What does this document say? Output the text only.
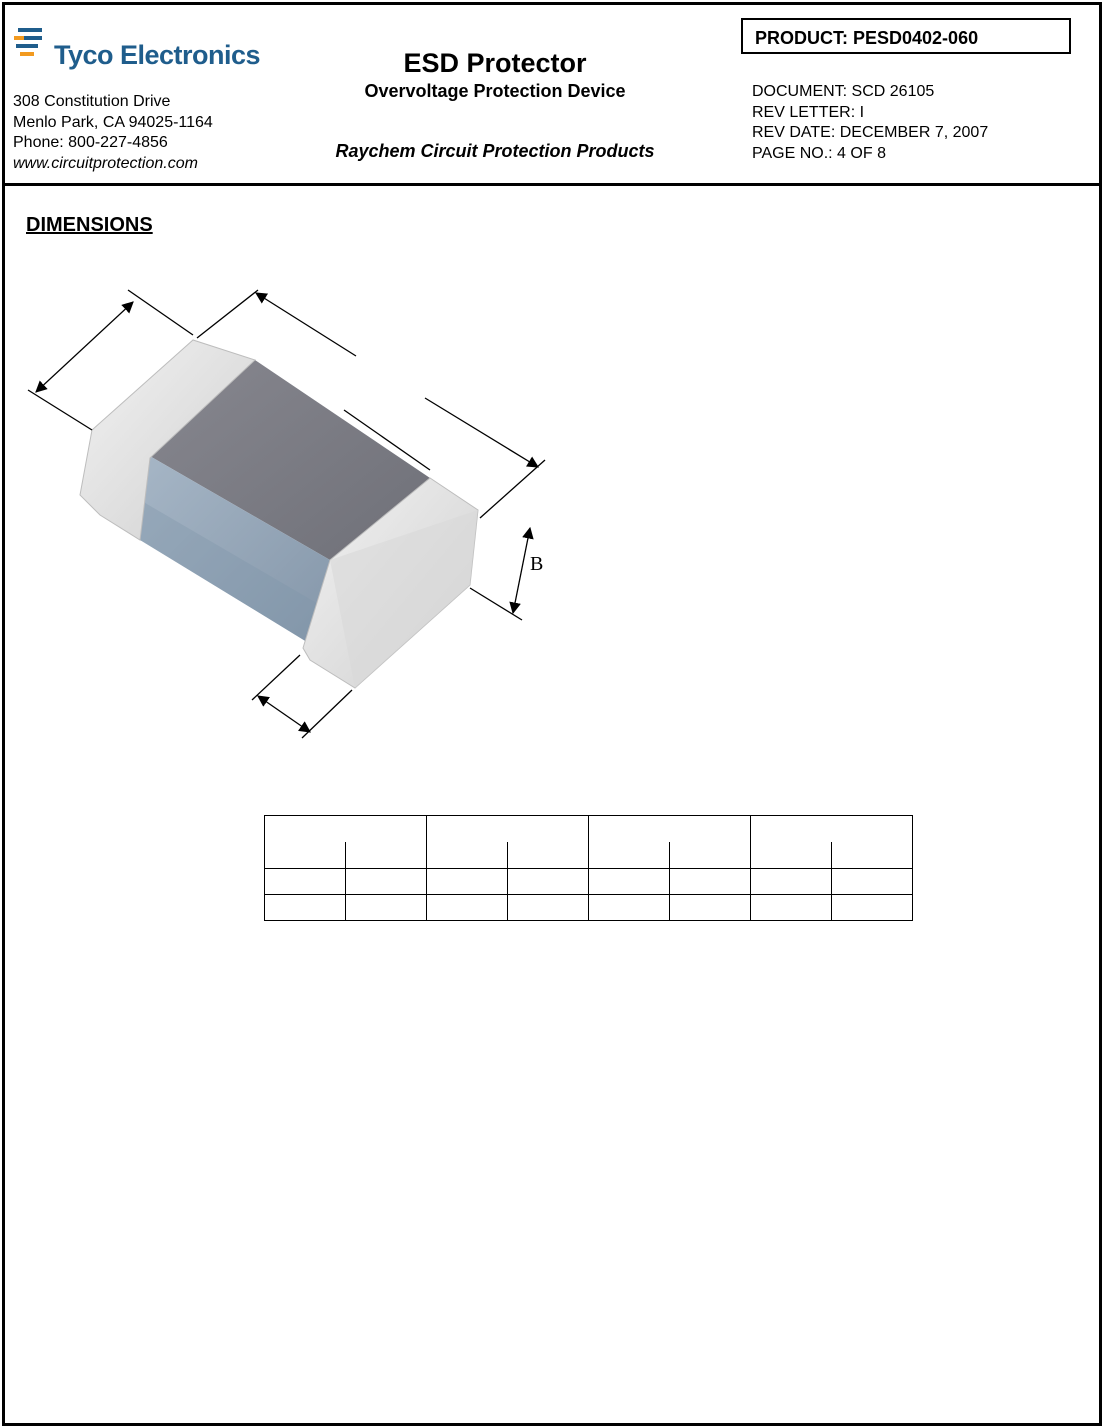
Tyco Electronics
308 Constitution Drive
Menlo Park, CA 94025-1164
Phone: 800-227-4856
www.circuitprotection.com
ESD Protector
Overvoltage Protection Device
Raychem Circuit Protection Products
PRODUCT: PESD0402-060
DOCUMENT: SCD 26105
REV LETTER: I
REV DATE: DECEMBER 7, 2007
PAGE NO.: 4 OF 8
DIMENSIONS
B
